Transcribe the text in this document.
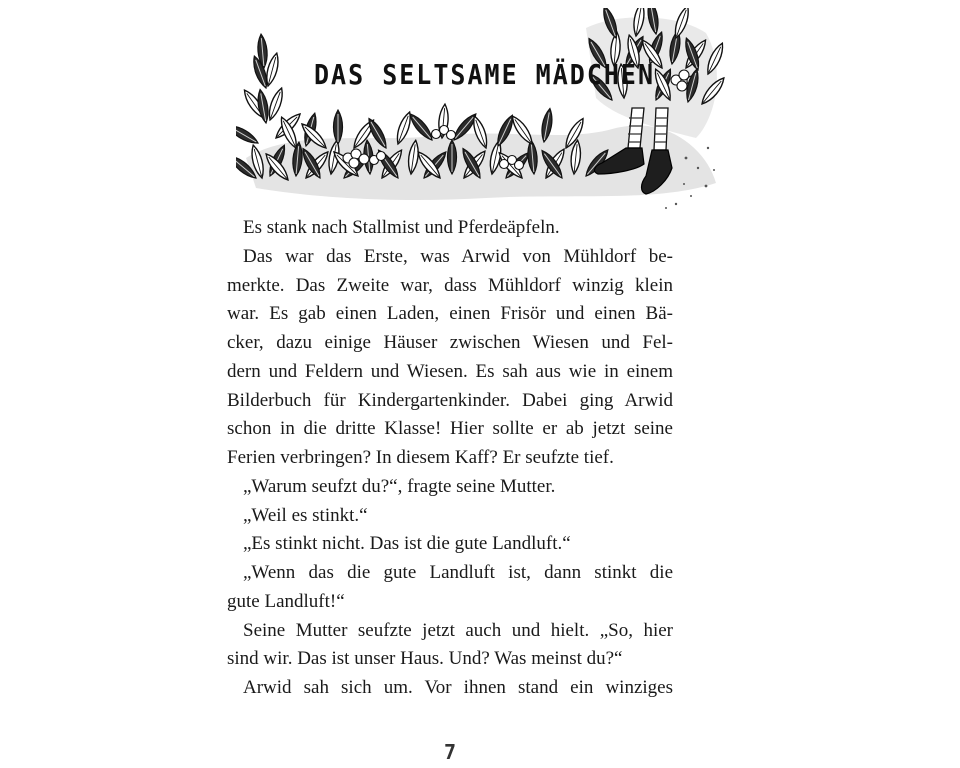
DAS SELTSAME MÄDCHEN
Es stank nach Stallmist und Pferdeäpfeln.
Das war das Erste, was Arwid von Mühldorf be-
merkte. Das Zweite war, dass Mühldorf winzig klein
war. Es gab einen Laden, einen Frisör und einen Bä-
cker, dazu einige Häuser zwischen Wiesen und Fel-
dern und Feldern und Wiesen. Es sah aus wie in einem
Bilderbuch für Kindergartenkinder. Dabei ging Arwid
schon in die dritte Klasse! Hier sollte er ab jetzt seine
Ferien verbringen? In diesem Kaff? Er seufzte tief.
„Warum seufzt du?“, fragte seine Mutter.
„Weil es stinkt.“
„Es stinkt nicht. Das ist die gute Landluft.“
„Wenn das die gute Landluft ist, dann stinkt die
gute Landluft!“
Seine Mutter seufzte jetzt auch und hielt. „So, hier
sind wir. Das ist unser Haus. Und? Was meinst du?“
Arwid sah sich um. Vor ihnen stand ein winziges
7
